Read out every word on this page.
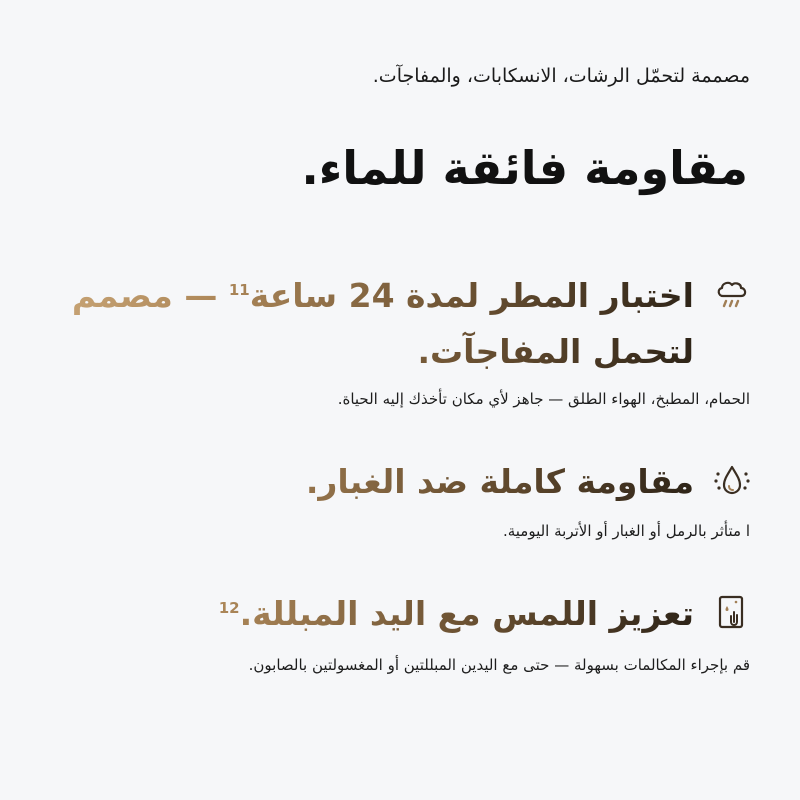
مصممة لتحمّل الرشات، الانسكابات، والمفاجآت.
مقاومة فائقة للماء.
اختبار المطر لمدة 24 ساعة$^{11}$ — مصمم لتحمل المفاجآت.
الحمام، المطبخ، الهواء الطلق — جاهز لأي مكان تأخذك إليه الحياة.
مقاومة كاملة ضد الغبار.
ا متأثر بالرمل أو الغبار أو الأتربة اليومية.
تعزيز اللمس مع اليد المبللة.$^{12}$
قم بإجراء المكالمات بسهولة — حتى مع اليدين المبللتين أو المغسولتين بالصابون.
